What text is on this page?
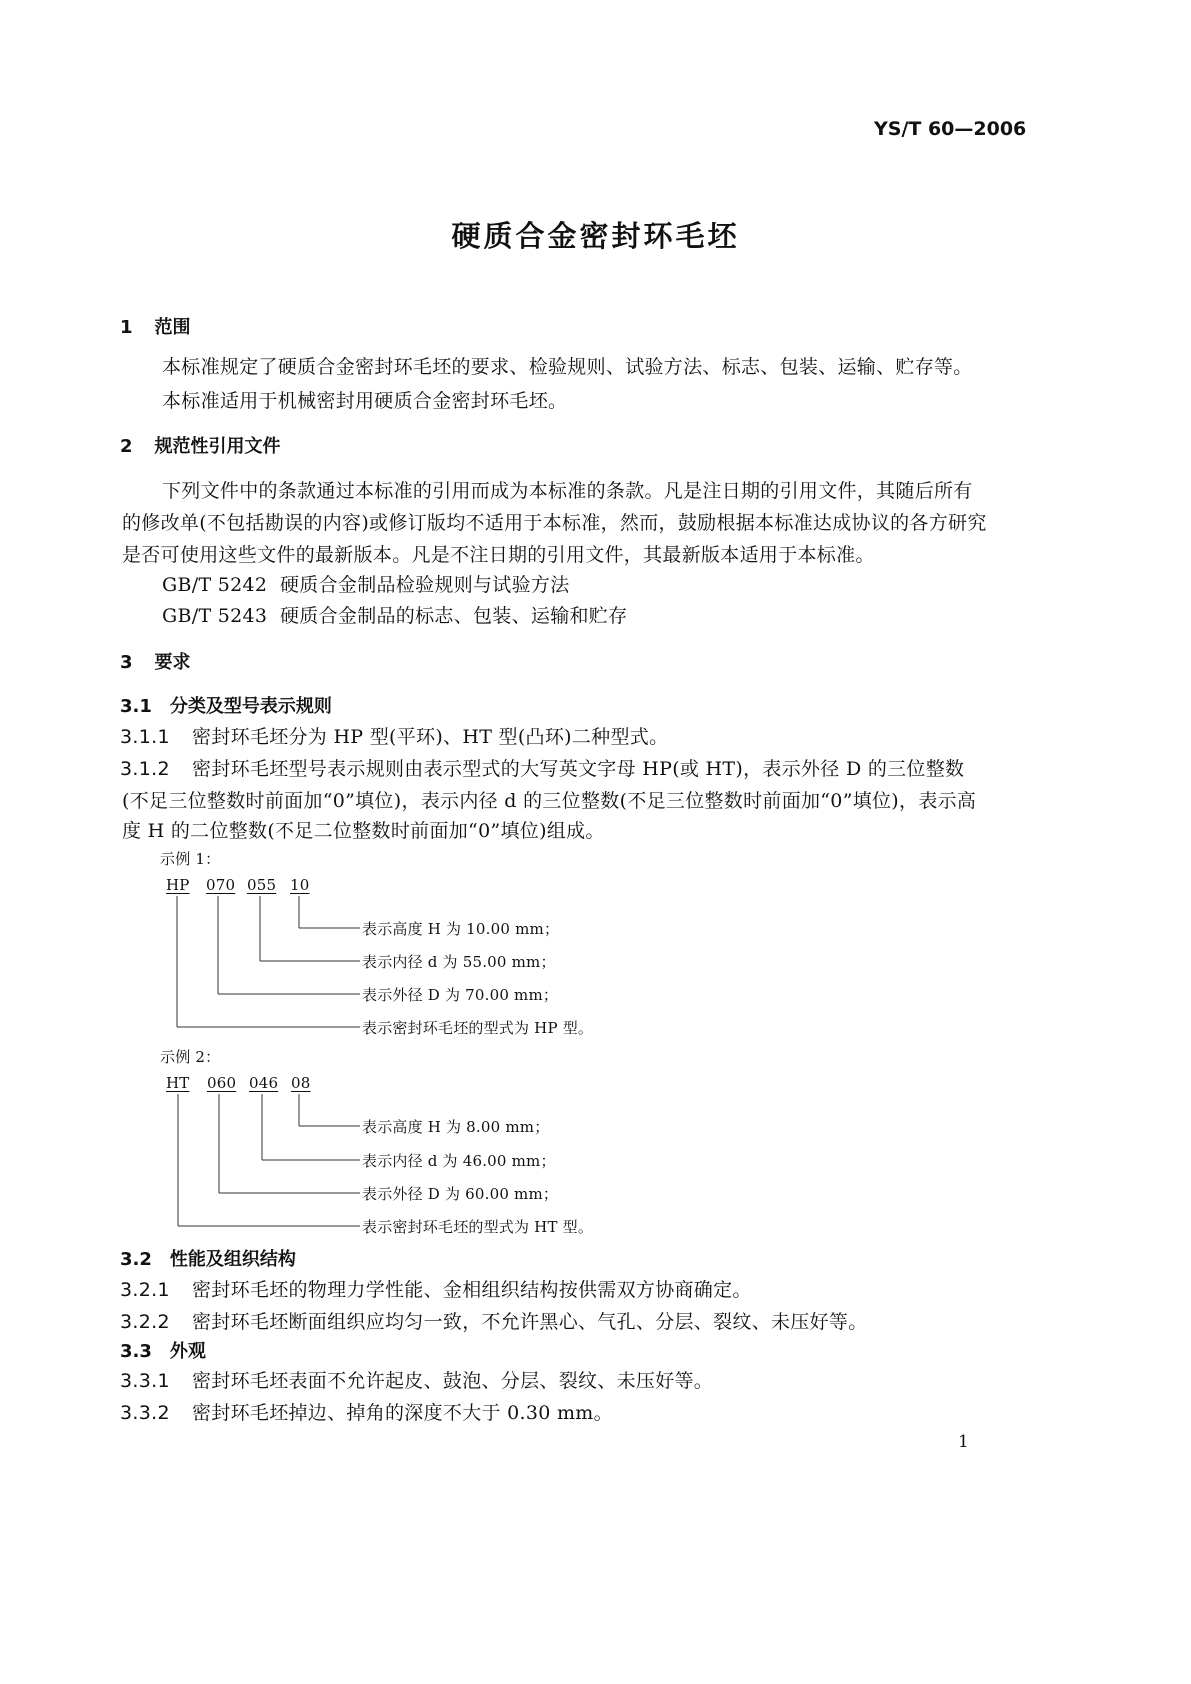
YS/T 60—2006
硬质合金密封环毛坯
1 范围
本标准规定了硬质合金密封环毛坯的要求、检验规则、试验方法、标志、包装、运输、贮存等。
本标准适用于机械密封用硬质合金密封环毛坯。
2 规范性引用文件
下列文件中的条款通过本标准的引用而成为本标准的条款。凡是注日期的引用文件，其随后所有
的修改单(不包括勘误的内容)或修订版均不适用于本标准，然而，鼓励根据本标准达成协议的各方研究
是否可使用这些文件的最新版本。凡是不注日期的引用文件，其最新版本适用于本标准。
GB/T 5242 硬质合金制品检验规则与试验方法
GB/T 5243 硬质合金制品的标志、包装、运输和贮存
3 要求
3.1 分类及型号表示规则
3.1.1 密封环毛坯分为 HP 型(平环)、HT 型(凸环)二种型式。
3.1.2 密封环毛坯型号表示规则由表示型式的大写英文字母 HP(或 HT)，表示外径 D 的三位整数
(不足三位整数时前面加“0”填位)，表示内径 d 的三位整数(不足三位整数时前面加“0”填位)，表示高
度 H 的二位整数(不足二位整数时前面加“0”填位)组成。
示例 1：
HP 070 055 10
表示高度 H 为 10.00 mm；
表示内径 d 为 55.00 mm；
表示外径 D 为 70.00 mm；
表示密封环毛坯的型式为 HP 型。
示例 2：
HT 060 046 08
表示高度 H 为 8.00 mm；
表示内径 d 为 46.00 mm；
表示外径 D 为 60.00 mm；
表示密封环毛坯的型式为 HT 型。
3.2 性能及组织结构
3.2.1 密封环毛坯的物理力学性能、金相组织结构按供需双方协商确定。
3.2.2 密封环毛坯断面组织应均匀一致，不允许黑心、气孔、分层、裂纹、未压好等。
3.3 外观
3.3.1 密封环毛坯表面不允许起皮、鼓泡、分层、裂纹、未压好等。
3.3.2 密封环毛坯掉边、掉角的深度不大于 0.30 mm。
1
